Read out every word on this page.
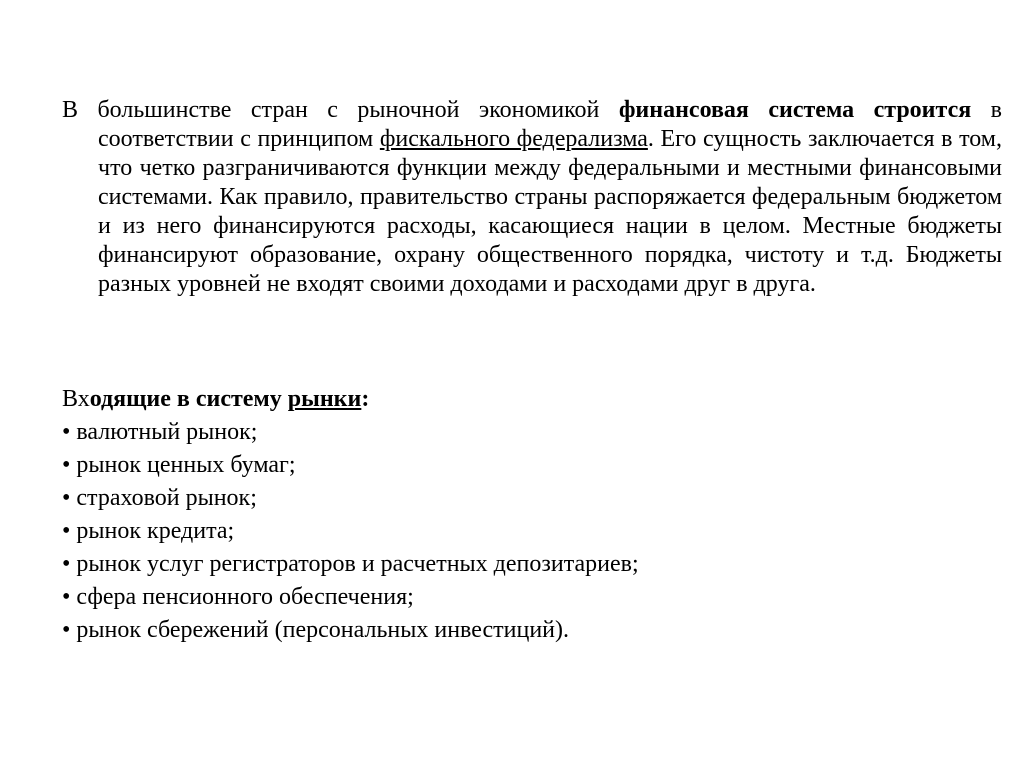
В большинстве стран с рыночной экономикой финансовая система строится в соответствии с принципом фискального федерализма. Его сущность заключается в том, что четко разграничиваются функции между федеральными и местными финансовыми системами. Как правило, правительство страны распоряжается федеральным бюджетом и из него финансируются расходы, касающиеся нации в целом. Местные бюджеты финансируют образование, охрану общественного порядка, чистоту и т.д. Бюджеты разных уровней не входят своими доходами и расходами друг в друга.

Входящие в систему рынки:
• валютный рынок;
• рынок ценных бумаг;
• страховой рынок;
• рынок кредита;
• рынок услуг регистраторов и расчетных депозитариев;
• сфера пенсионного обеспечения;
• рынок сбережений (персональных инвестиций).
